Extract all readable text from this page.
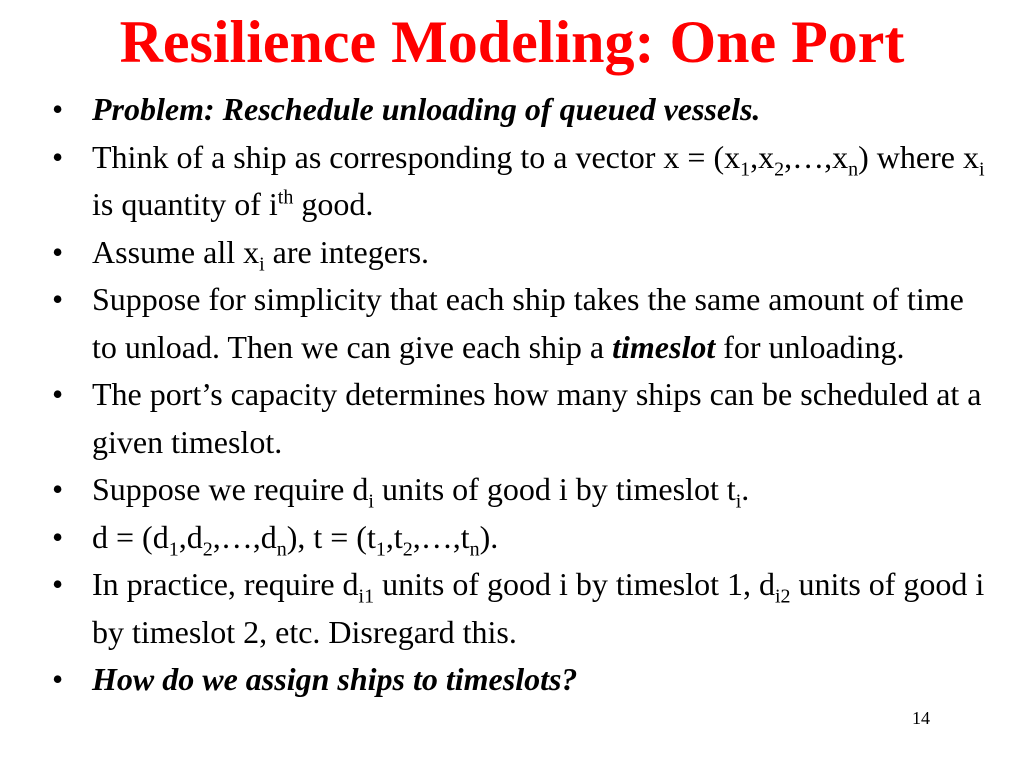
Resilience Modeling: One Port
• Problem: Reschedule unloading of queued vessels.
• Think of a ship as corresponding to a vector $x = (x_1,x_2,\dots,x_n)$ where $x_i$ is quantity of $i^{th}$ good.
• Assume all $x_i$ are integers.
• Suppose for simplicity that each ship takes the same amount of time to unload. Then we can give each ship a timeslot for unloading.
• The port’s capacity determines how many ships can be scheduled at a given timeslot.
• Suppose we require $d_i$ units of good i by timeslot $t_i$.
• $d = (d_1,d_2,\dots,d_n)$, $t = (t_1,t_2,\dots,t_n)$.
• In practice, require $d_{i1}$ units of good i by timeslot 1, $d_{i2}$ units of good i by timeslot 2, etc. Disregard this.
• How do we assign ships to timeslots?
14
